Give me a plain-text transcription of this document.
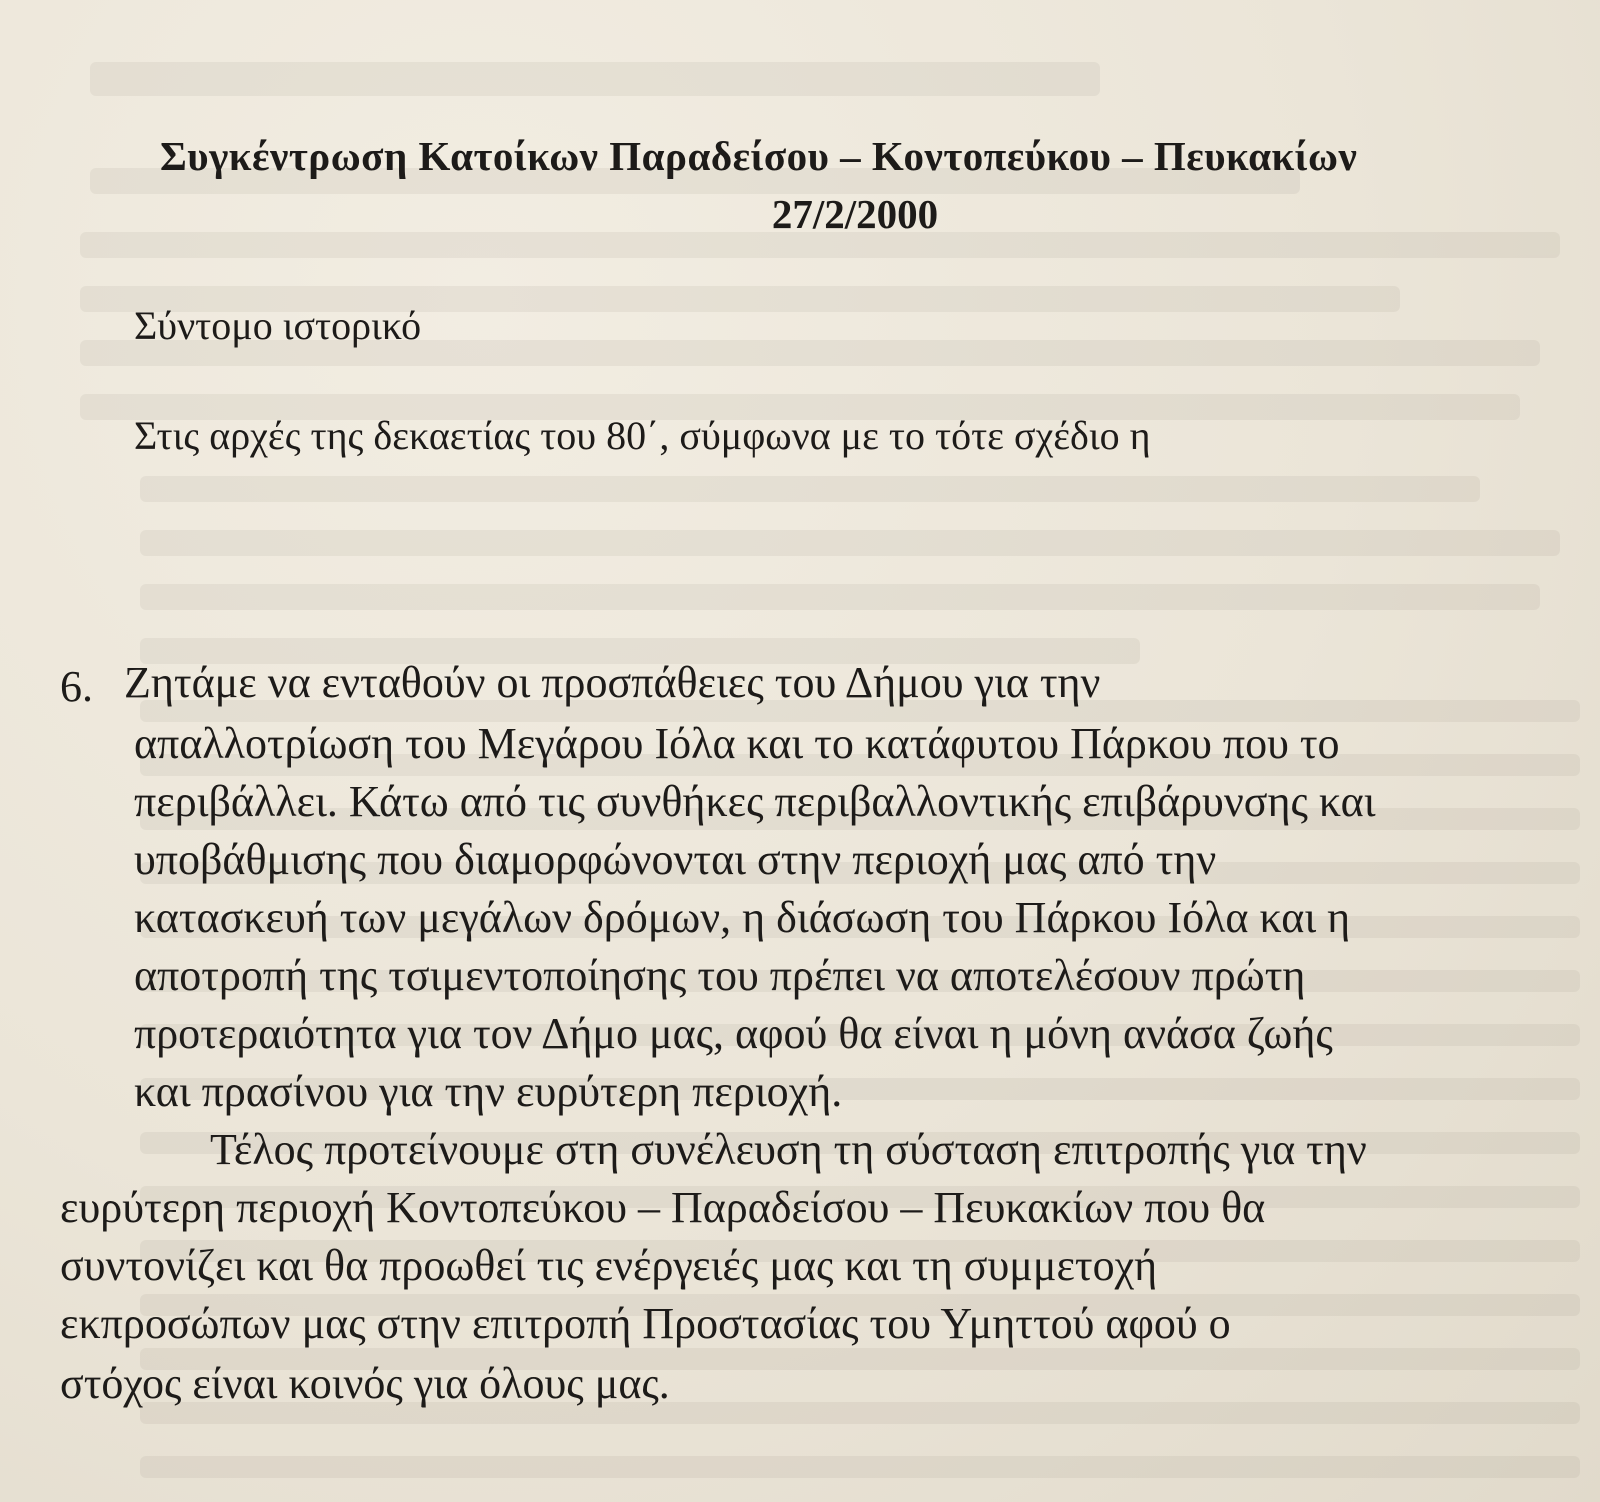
Συγκέντρωση Κατοίκων Παραδείσου – Κοντοπεύκου – Πευκακίων
27/2/2000
Σύντομο ιστορικό
Στις αρχές της δεκαετίας του 80΄, σύμφωνα με το τότε σχέδιο η
6. Ζητάμε να ενταθούν οι προσπάθειες του Δήμου για την
απαλλοτρίωση του Μεγάρου Ιόλα και το κατάφυτου Πάρκου που το
περιβάλλει. Κάτω από τις συνθήκες περιβαλλοντικής επιβάρυνσης και
υποβάθμισης που διαμορφώνονται στην περιοχή μας από την
κατασκευή των μεγάλων δρόμων, η διάσωση του Πάρκου Ιόλα και η
αποτροπή της τσιμεντοποίησης του πρέπει να αποτελέσουν πρώτη
προτεραιότητα για τον Δήμο μας, αφού θα είναι η μόνη ανάσα ζωής
και πρασίνου για την ευρύτερη περιοχή.
Τέλος προτείνουμε στη συνέλευση τη σύσταση επιτροπής για την
ευρύτερη περιοχή Κοντοπεύκου – Παραδείσου – Πευκακίων που θα
συντονίζει και θα προωθεί τις ενέργειές μας και τη συμμετοχή
εκπροσώπων μας στην επιτροπή Προστασίας του Υμηττού αφού ο
στόχος είναι κοινός για όλους μας.
